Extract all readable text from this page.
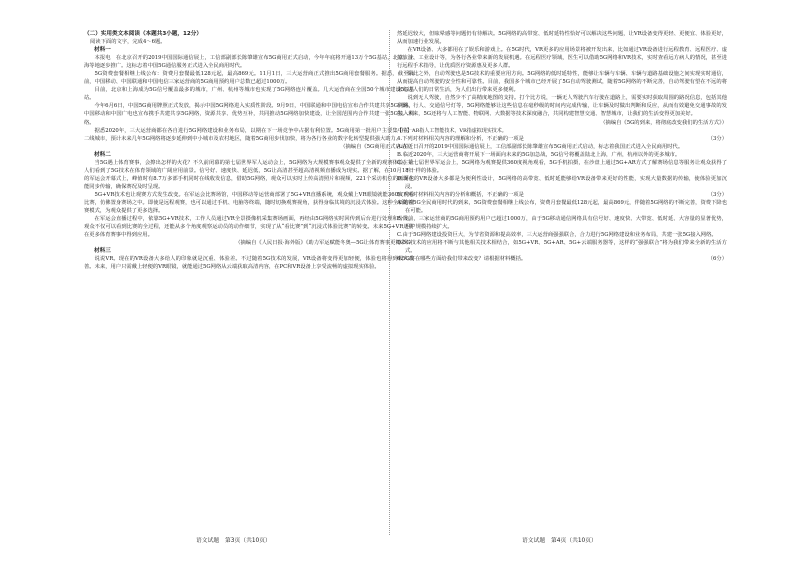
（二）实用类文本阅读（本题共3小题，12分）

阅读下面的文字，完成4～6题。

材料一

本报电　在北京召开的2019中国国际通信展上，工信部副部长陈肇雄宣布5G商用正式启动，今年年底将开通13万个5G基站，北京、上海等地逐步推广。这标志着中国5G通信服务正式进入全民商用时代。

5G资费套餐相继上线公布：资费月套餐最低128元起，最高869元。11月1日，三大运营商正式推出5G商用套餐服务。据悉，截至目前，中国移动、中国联通和中国电信三家运营商的5G商用预约用户总数已超过1000万。

目前，北京和上海成为5G信号覆盖最多的城市，广州、杭州等城市也实现了5G网络连片覆盖。几大运营商在全国50个城市建设5G基站。

今年6月6日，中国5G商用牌照正式发放，揭示中国5G网络进入实质性阶段。9月9日，中国联通和中国电信宣布合作共建共享5G网络，中国移动和中国广电也宣布携手共建共享5G网络，资源共享、优势互补，共同推动5G网络加快建设，让全国范围内合作共建一张5G接入网络。

据悉2020年，三大运营商都在各自进行5G网络建设和业务布局，以期在下一场竞争中占据有利位置。5G商用第一批用户主要集中在一二线城市，预计未来几年5G网络将逐步延伸到中小城市及农村地区，随着5G商用步伐加快，将为各行各业的数字化转型提供强大助力。

（摘编自《5G商用正式启动》）

材料二

当5G遇上体育赛事，会擦出怎样的火花？不久前闭幕的第七届世界军人运动会上，5G网络为大规模赛事观众提供了全新的观赛体验，让人们看到了5G技术在体育领域的广阔应用前景。信号好、速度快、延迟低，5G让高清甚至超高清视频直播成为现实。据了解，在10月18日的军运会开幕式上，峰值时有8.7万多部手机同时在线收发信息，借助5G网络，观众可以实时上传高清照片和视频，221个采访机位的画面也能同步传输，确保赛况及时呈现。

5G+VR技术也让观赛方式发生改变。在军运会比赛场馆，中国移动等运营商部署了5G+VR直播系统，观众戴上VR眼镜就能360度观看比赛，仿佛置身赛场之中。即使是远程观赛，也可以通过手机、电脑等终端，随时切换观赛视角，获得身临其境的沉浸式体验。这种全新的观赛模式，为观众提供了更多选择。

在军运会直播过程中，依靠5G+VR技术，工作人员通过VR全景摄像机采集赛场画面，再经由5G网络实时回传到后台进行处理和分发，观众不仅可以看到比赛的全过程，还能从多个角度观察运动员的动作细节，实现了从“看比赛”到“沉浸式体验比赛”的转变。未来5G+VR还将在更多体育赛事中得到应用。

（摘编自《人民日报·海外版》《助力军运赋能冬奥—5G让体育赛事更精彩》）

材料三

说说VR。现在的VR设备大多给人的印象就是沉重、体验差。不过随着5G技术的发展，VR设备将变得更加轻便，体验也将得到极大改善。未来，用户只需戴上轻便的VR眼镜，就能通过5G网络从云端获取高清内容，在PC和VR设备上享受流畅的虚拟现实体验。

然延迟较大，但眩晕感等问题仍有待解决。5G网络的高带宽、低时延特性恰好可以解决这些问题，让VR设备变得更轻、更便宜、体验更好，从而加速行业发展。

在VR设备、大多都用在了娱乐和游戏上。在5G时代，VR更多的应用场景将被开发出来，比如通过VR设备进行远程教育、远程医疗、虚拟旅游、工业设计等，为各行各业带来新的发展机遇。在远程医疗领域，医生可以借助5G网络和VR技术，实时查看远方病人的情况，甚至进行远程手术指导，让优质医疗资源惠及更多人群。

除此之外，自动驾驶也是5G技术的重要应用方向。5G网络的低时延特性，能够让车辆与车辆、车辆与道路基础设施之间实现实时通信，从而提高自动驾驶的安全性和可靠性。目前，我国多个城市已经开展了5G自动驾驶测试，随着5G网络的不断完善，自动驾驶有望在不远的将来走进人们的日常生活，为人们出行带来更多便利。

说到无人驾驶，自然少不了高精度地图的支持。打个比方说，一辆无人驾驶汽车行驶在道路上，需要实时获取周围的路况信息，包括其他车辆、行人、交通信号灯等，5G网络能够让这些信息在毫秒级的时间内完成传输，让车辆及时做出判断和反应，从而有效避免交通事故的发生。未来，5G还将与人工智能、物联网、大数据等技术深度融合，共同构建智慧交通、智慧城市，让我们的生活变得更加美好。

（摘编自《5G的到来，将彻底改变我们的生活方式》）

【注】AR指人工智能技术，VR指虚拟现实技术。

4.下列对材料相关内容的理解和分析，不正确的一项是	（3分）

A.在近日召开的2019中国国际通信展上，工信部副部长陈肇雄宣布5G商用正式启动，标志着我国正式进入全民商用时代。

B.临近2020年，三大运营商将开展下一场面向未来的5G加急战，5G信号将覆盖陆北上海，广州，杭州以外的更多城市。

C.在第七届世界军运会上，5G网络为观赛提供360度视角观看，5G手机拍摄，在沙盘上通过5G+AR方式了解赛场信息等服务让观众获得了不一样的体验。

D.现在的VR设备大多都是为便利性设计，5G网络的高带宽、低时延能够给VR设备带来更好的性能，实现大量数据的传输，使体验更加沉浸。

5.下列对材料相关内容的分析和概括，不正确的一项是	（3分）

A.随着5G全民商用时代的到来，5G资费套餐相继上线公布，资费月套餐最低128元起，最高869元，伴随着5G网络的不断完善，资费下降也在可能。

B.目前，三家运营商的5G商用预约用户已超过1000万，由于5G移动通信网络具有信号好、速度快、大带宽、低时延、大容量的显著优势，用户规模持续扩大。

C.由于5G网络建设投资巨大，为节省资源和提高效率，三大运营商强强联合，合力进行5G网络建设和业务布局，共建一张5G接入网络。

D.5G技术的应用将不断与其他相关技术相结合，如5G+VR、5G+AR、5G+云端服务器等，这样的“强强联合”将为我们带来全新的生活方式。

6.5G将在哪些方面给我们带来改变？请根据材料概括。	（6分）
语文试题　第3页（共10页）	语文试题　第4页（共10页）
